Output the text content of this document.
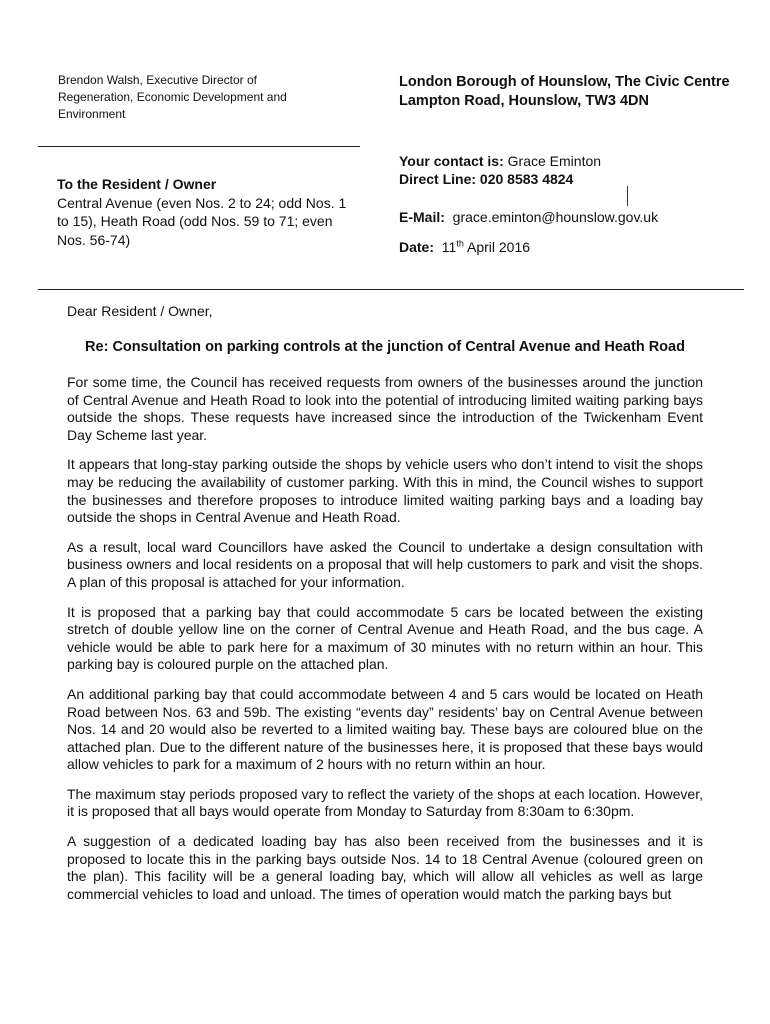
Brendon Walsh, Executive Director of
Regeneration, Economic Development and
Environment
London Borough of Hounslow, The Civic Centre
Lampton Road, Hounslow, TW3 4DN
To the Resident / Owner
Central Avenue (even Nos. 2 to 24; odd Nos. 1 to 15), Heath Road (odd Nos. 59 to 71; even Nos. 56-74)
Your contact is: Grace Eminton
Direct Line: 020 8583 4824
E-Mail: grace.eminton@hounslow.gov.uk
Date: 11th April 2016
Dear Resident / Owner,
Re: Consultation on parking controls at the junction of Central Avenue and Heath Road

For some time, the Council has received requests from owners of the businesses around the junction of Central Avenue and Heath Road to look into the potential of introducing limited waiting parking bays outside the shops. These requests have increased since the introduction of the Twickenham Event Day Scheme last year.

It appears that long-stay parking outside the shops by vehicle users who don’t intend to visit the shops may be reducing the availability of customer parking. With this in mind, the Council wishes to support the businesses and therefore proposes to introduce limited waiting parking bays and a loading bay outside the shops in Central Avenue and Heath Road.

As a result, local ward Councillors have asked the Council to undertake a design consultation with business owners and local residents on a proposal that will help customers to park and visit the shops. A plan of this proposal is attached for your information.

It is proposed that a parking bay that could accommodate 5 cars be located between the existing stretch of double yellow line on the corner of Central Avenue and Heath Road, and the bus cage. A vehicle would be able to park here for a maximum of 30 minutes with no return within an hour. This parking bay is coloured purple on the attached plan.

An additional parking bay that could accommodate between 4 and 5 cars would be located on Heath Road between Nos. 63 and 59b. The existing “events day” residents’ bay on Central Avenue between Nos. 14 and 20 would also be reverted to a limited waiting bay. These bays are coloured blue on the attached plan. Due to the different nature of the businesses here, it is proposed that these bays would allow vehicles to park for a maximum of 2 hours with no return within an hour.

The maximum stay periods proposed vary to reflect the variety of the shops at each location. However, it is proposed that all bays would operate from Monday to Saturday from 8:30am to 6:30pm.

A suggestion of a dedicated loading bay has also been received from the businesses and it is proposed to locate this in the parking bays outside Nos. 14 to 18 Central Avenue (coloured green on the plan). This facility will be a general loading bay, which will allow all vehicles as well as large commercial vehicles to load and unload. The times of operation would match the parking bays but
